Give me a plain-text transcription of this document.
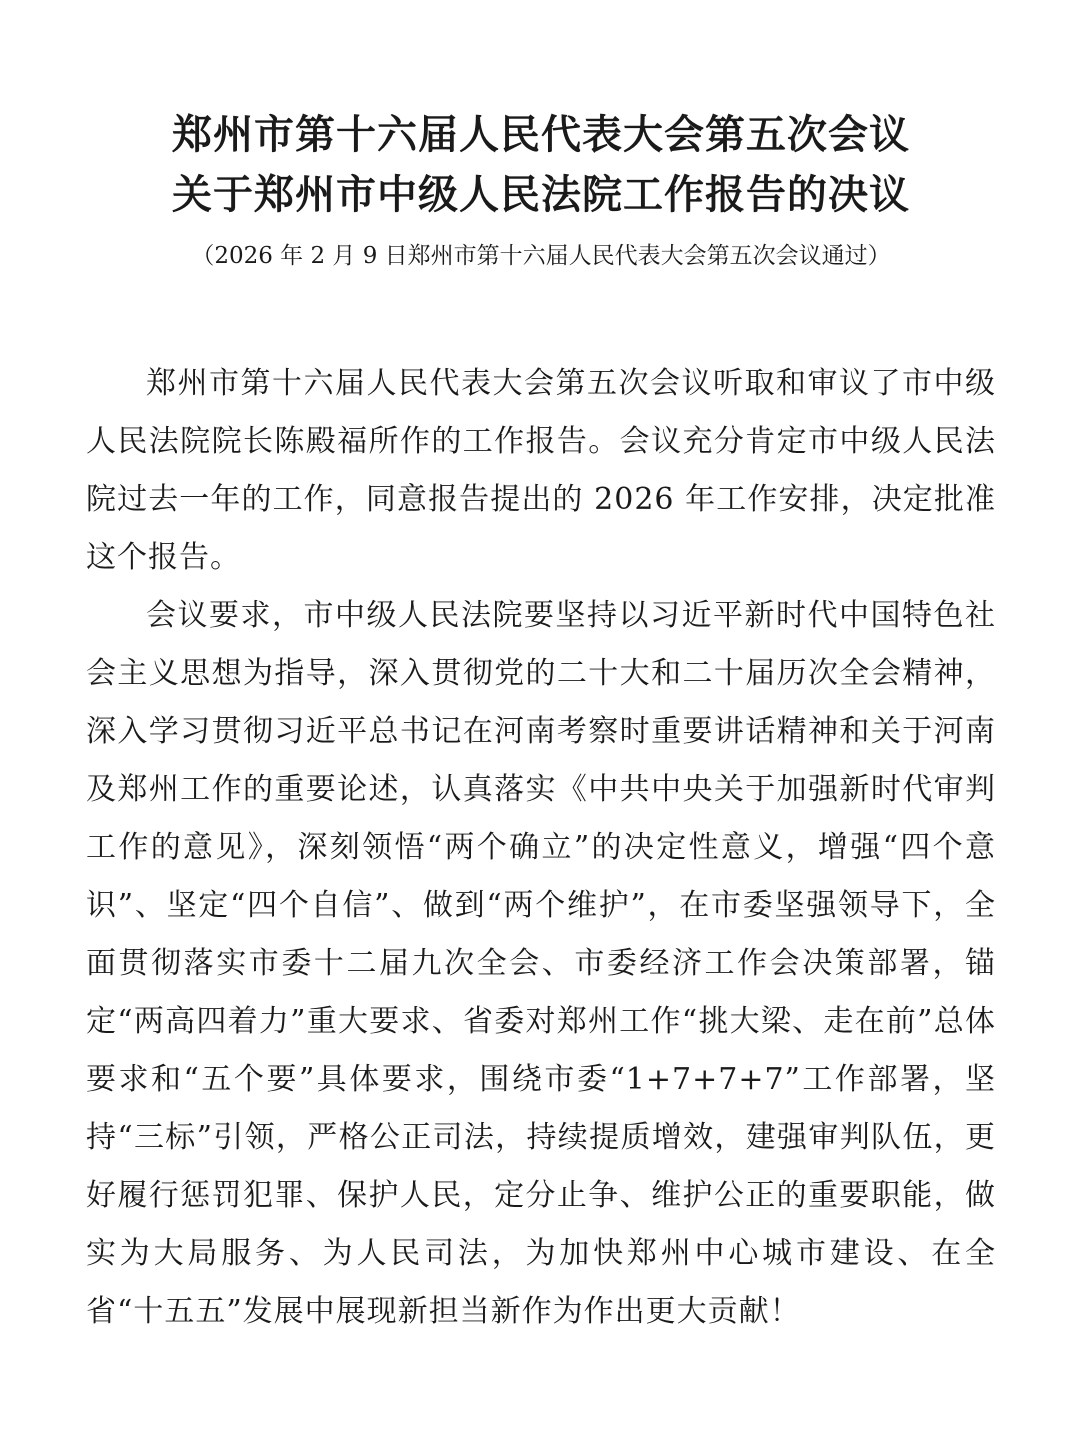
郑州市第十六届人民代表大会第五次会议
关于郑州市中级人民法院工作报告的决议

（2026 年 2 月 9 日郑州市第十六届人民代表大会第五次会议通过）

郑州市第十六届人民代表大会第五次会议听取和审议了市中级人民法院院长陈殿福所作的工作报告。会议充分肯定市中级人民法院过去一年的工作，同意报告提出的 2026 年工作安排，决定批准这个报告。

会议要求，市中级人民法院要坚持以习近平新时代中国特色社会主义思想为指导，深入贯彻党的二十大和二十届历次全会精神，深入学习贯彻习近平总书记在河南考察时重要讲话精神和关于河南及郑州工作的重要论述，认真落实《中共中央关于加强新时代审判工作的意见》，深刻领悟“两个确立”的决定性意义，增强“四个意识”、坚定“四个自信”、做到“两个维护”，在市委坚强领导下，全面贯彻落实市委十二届九次全会、市委经济工作会决策部署，锚定“两高四着力”重大要求、省委对郑州工作“挑大梁、走在前”总体要求和“五个要”具体要求，围绕市委“1+7+7+7”工作部署，坚持“三标”引领，严格公正司法，持续提质增效，建强审判队伍，更好履行惩罚犯罪、保护人民，定分止争、维护公正的重要职能，做实为大局服务、为人民司法，为加快郑州中心城市建设、在全省“十五五”发展中展现新担当新作为作出更大贡献！
